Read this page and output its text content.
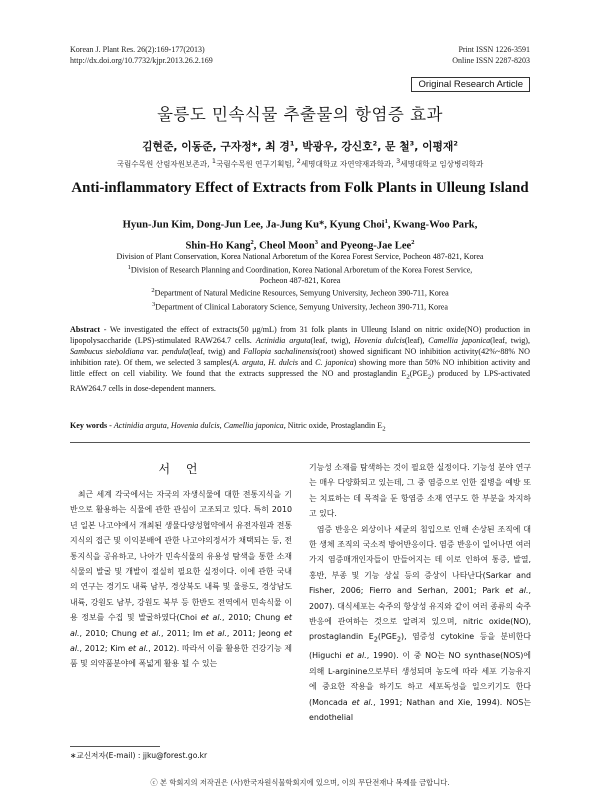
Korean J. Plant Res. 26(2):169-177(2013)
http://dx.doi.org/10.7732/kjpr.2013.26.2.169
Print ISSN 1226-3591
Online ISSN 2287-8203
Original Research Article
울릉도 민속식물 추출물의 항염증 효과
김현준, 이동준, 구자정*, 최 경$^1$, 박광우, 강신호$^2$, 문 철$^3$, 이평재$^2$
국립수목원 산림자원보존과, $^1$국립수목원 연구기획팀, $^2$세명대학교 자연약재과학과, $^3$세명대학교 임상병리학과
Anti-inflammatory Effect of Extracts from Folk Plants in Ulleung Island
Hyun-Jun Kim, Dong-Jun Lee, Ja-Jung Ku*, Kyung Choi$^1$, Kwang-Woo Park,
Shin-Ho Kang$^2$, Cheol Moon$^3$ and Pyeong-Jae Lee$^2$
Division of Plant Conservation, Korea National Arboretum of the Korea Forest Service, Pocheon 487-821, Korea
$^1$Division of Research Planning and Coordination, Korea National Arboretum of the Korea Forest Service,
Pocheon 487-821, Korea
$^2$Department of Natural Medicine Resources, Semyung University, Jecheon 390-711, Korea
$^3$Department of Clinical Laboratory Science, Semyung University, Jecheon 390-711, Korea
Abstract - We investigated the effect of extracts(50 μg/mL) from 31 folk plants in Ulleung Island on nitric oxide(NO) production in lipopolysaccharide (LPS)-stimulated RAW264.7 cells. Actinidia arguta(leaf, twig), Hovenia dulcis(leaf), Camellia japonica(leaf, twig), Sambucus sieboldiana var. pendula(leaf, twig) and Fallopia sachalinensis(root) showed significant NO inhibition activity(42%~88% NO inhibition rate). Of them, we selected 3 samples(A. arguta, H. dulcis and C. japonica) showing more than 50% NO inhibition activity and little effect on cell viability. We found that the extracts suppressed the NO and prostaglandin $E_2(PGE_2)$ produced by LPS-activated RAW264.7 cells in dose-dependent manners.
Key words - Actinidia arguta, Hovenia dulcis, Camellia japonica, Nitric oxide, Prostaglandin $E_2$
서 언

최근 세계 각국에서는 자국의 자생식물에 대한 전통지식을 기반으로 활용하는 식물에 관한 관심이 고조되고 있다. 특히 2010년 일본 나고야에서 개최된 생물다양성협약에서 유전자원과 전통지식의 접근 및 이익분배에 관한 나고야의정서가 채택되는 등, 전통지식을 공유하고, 나아가 민속식물의 유용성 탐색을 통한 소재식물의 발굴 및 개발이 절실히 필요한 실정이다. 이에 관한 국내의 연구는 경기도 내륙 남부, 경상북도 내륙 및 울릉도, 경상남도 내륙, 강원도 남부, 강원도 북부 등 한반도 전역에서 민속식물 이용 정보를 수집 및 발굴하였다(Choi et al., 2010; Chung et al., 2010; Chung et al., 2011; Im et al., 2011; Jeong et al., 2012; Kim et al., 2012). 따라서 이를 활용한 건강기능 제품 및 의약품분야에 폭넓게 활용 될 수 있는

기능성 소재를 탐색하는 것이 필요한 실정이다. 기능성 분야 연구는 매우 다양화되고 있는데, 그 중 염증으로 인한 질병을 예방 또는 치료하는 데 목적을 둔 항염증 소재 연구도 한 부분을 차지하고 있다.

염증 반응은 외상이나 세균의 침입으로 인해 손상된 조직에 대한 생체 조직의 국소적 방어반응이다. 염증 반응이 일어나면 여러 가지 염증매개인자들이 만들어지는 데 이로 인하여 통증, 발열, 홍반, 부종 및 기능 상실 등의 증상이 나타난다(Sarkar and Fisher, 2006; Fierro and Serhan, 2001; Park et al., 2007). 대식세포는 숙주의 항상성 유지와 같이 여러 종류의 숙주 반응에 관여하는 것으로 알려져 있으며, nitric oxide(NO), prostaglandin $E_2(PGE_2)$, 염증성 cytokine 등을 분비한다(Higuchi et al., 1990). 이 중 NO는 NO synthase(NOS)에 의해 L-arginine으로부터 생성되며 농도에 따라 세포 기능유지에 중요한 작용을 하기도 하고 세포독성을 일으키기도 한다(Moncada et al., 1991; Nathan and Xie, 1994). NOS는 endothelial

∗교신저자(E-mail) : jjku@forest.go.kr
ⓒ 본 학회지의 저작권은 (사)한국자원식물학회지에 있으며, 이의 무단전재나 복제를 금합니다.
